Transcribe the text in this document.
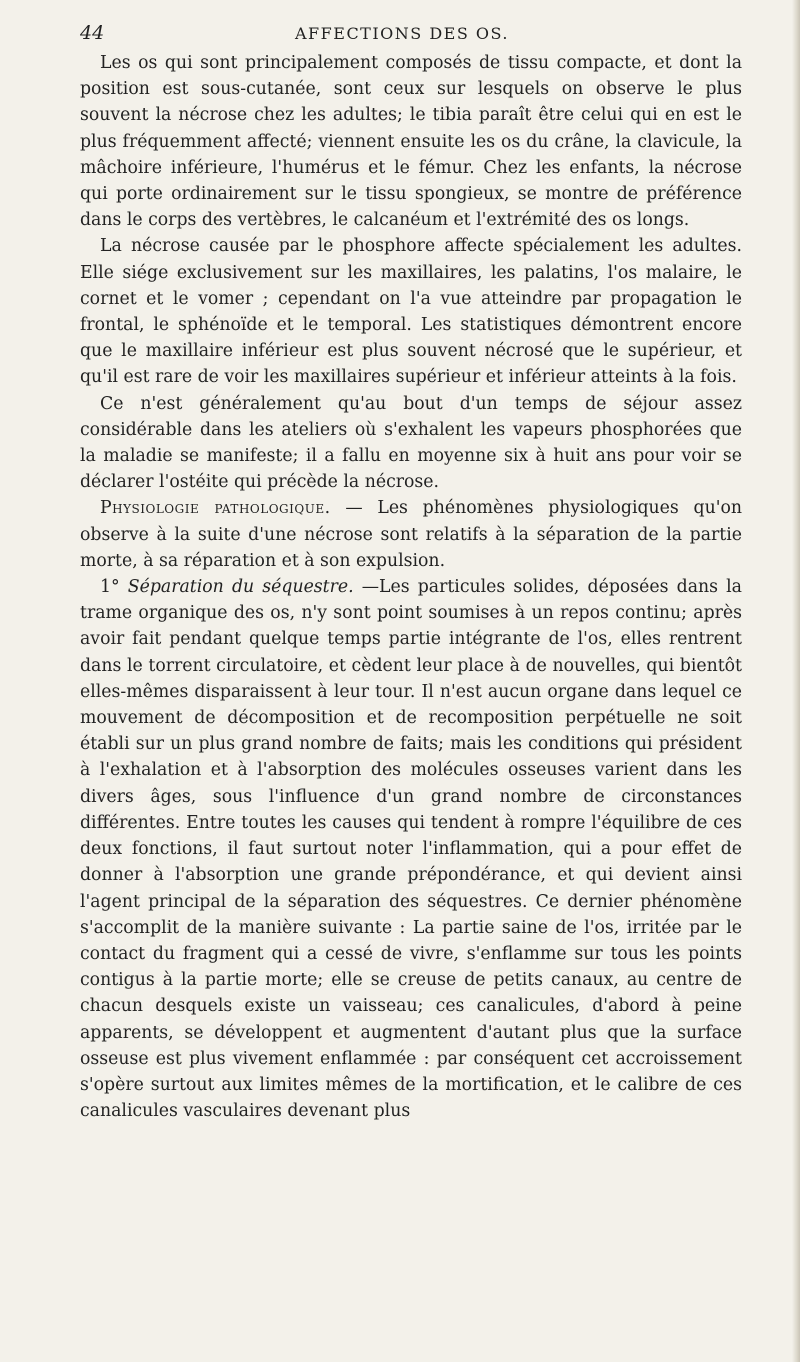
44	AFFECTIONS DES OS.

Les os qui sont principalement composés de tissu compacte, et dont la position est sous-cutanée, sont ceux sur lesquels on observe le plus souvent la nécrose chez les adultes; le tibia paraît être celui qui en est le plus fréquemment affecté; viennent ensuite les os du crâne, la clavicule, la mâchoire inférieure, l'humérus et le fémur. Chez les enfants, la nécrose qui porte ordinairement sur le tissu spongieux, se montre de préférence dans le corps des vertèbres, le calcanéum et l'extrémité des os longs.

La nécrose causée par le phosphore affecte spécialement les adultes. Elle siége exclusivement sur les maxillaires, les palatins, l'os malaire, le cornet et le vomer ; cependant on l'a vue atteindre par propagation le frontal, le sphénoïde et le temporal. Les statistiques démontrent encore que le maxillaire inférieur est plus souvent nécrosé que le supérieur, et qu'il est rare de voir les maxillaires supérieur et inférieur atteints à la fois.

Ce n'est généralement qu'au bout d'un temps de séjour assez considérable dans les ateliers où s'exhalent les vapeurs phosphorées que la maladie se manifeste; il a fallu en moyenne six à huit ans pour voir se déclarer l'ostéite qui précède la nécrose.

Physiologie pathologique. — Les phénomènes physiologiques qu'on observe à la suite d'une nécrose sont relatifs à la séparation de la partie morte, à sa réparation et à son expulsion.

1° Séparation du séquestre. —Les particules solides, déposées dans la trame organique des os, n'y sont point soumises à un repos continu; après avoir fait pendant quelque temps partie intégrante de l'os, elles rentrent dans le torrent circulatoire, et cèdent leur place à de nouvelles, qui bientôt elles-mêmes disparaissent à leur tour. Il n'est aucun organe dans lequel ce mouvement de décomposition et de recomposition perpétuelle ne soit établi sur un plus grand nombre de faits; mais les conditions qui président à l'exhalation et à l'absorption des molécules osseuses varient dans les divers âges, sous l'influence d'un grand nombre de circonstances différentes. Entre toutes les causes qui tendent à rompre l'équilibre de ces deux fonctions, il faut surtout noter l'inflammation, qui a pour effet de donner à l'absorption une grande prépondérance, et qui devient ainsi l'agent principal de la séparation des séquestres. Ce dernier phénomène s'accomplit de la manière suivante : La partie saine de l'os, irritée par le contact du fragment qui a cessé de vivre, s'enflamme sur tous les points contigus à la partie morte; elle se creuse de petits canaux, au centre de chacun desquels existe un vaisseau; ces canalicules, d'abord à peine apparents, se développent et augmentent d'autant plus que la surface osseuse est plus vivement enflammée : par conséquent cet accroissement s'opère surtout aux limites mêmes de la mortification, et le calibre de ces canalicules vasculaires devenant plus
